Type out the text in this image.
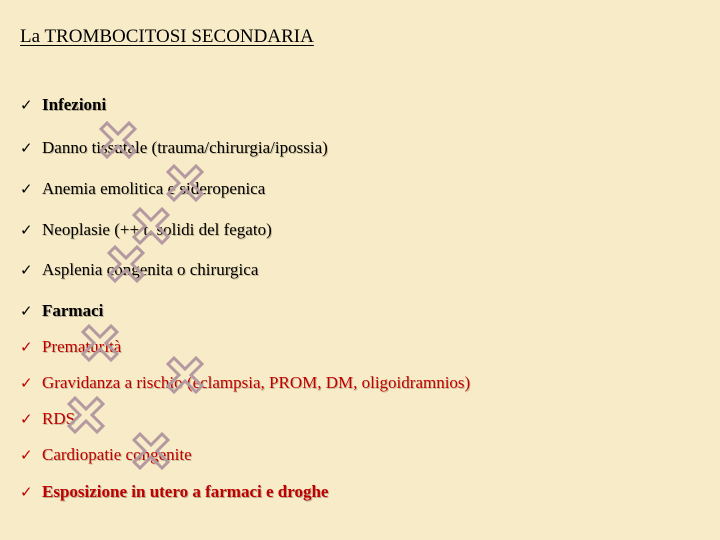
La TROMBOCITOSI SECONDARIA
✓ Infezioni
✓ Danno tissutale (trauma/chirurgia/ipossia)
✓ Anemia emolitica e sideropenica
✓ Neoplasie (++ t. solidi del fegato)
✓ Asplenia congenita o chirurgica
✓ Farmaci
✓ Prematurità
✓ Gravidanza a rischio (eclampsia, PROM, DM, oligoidramnios)
✓ RDS
✓ Cardiopatie congenite
✓ Esposizione in utero a farmaci e droghe
